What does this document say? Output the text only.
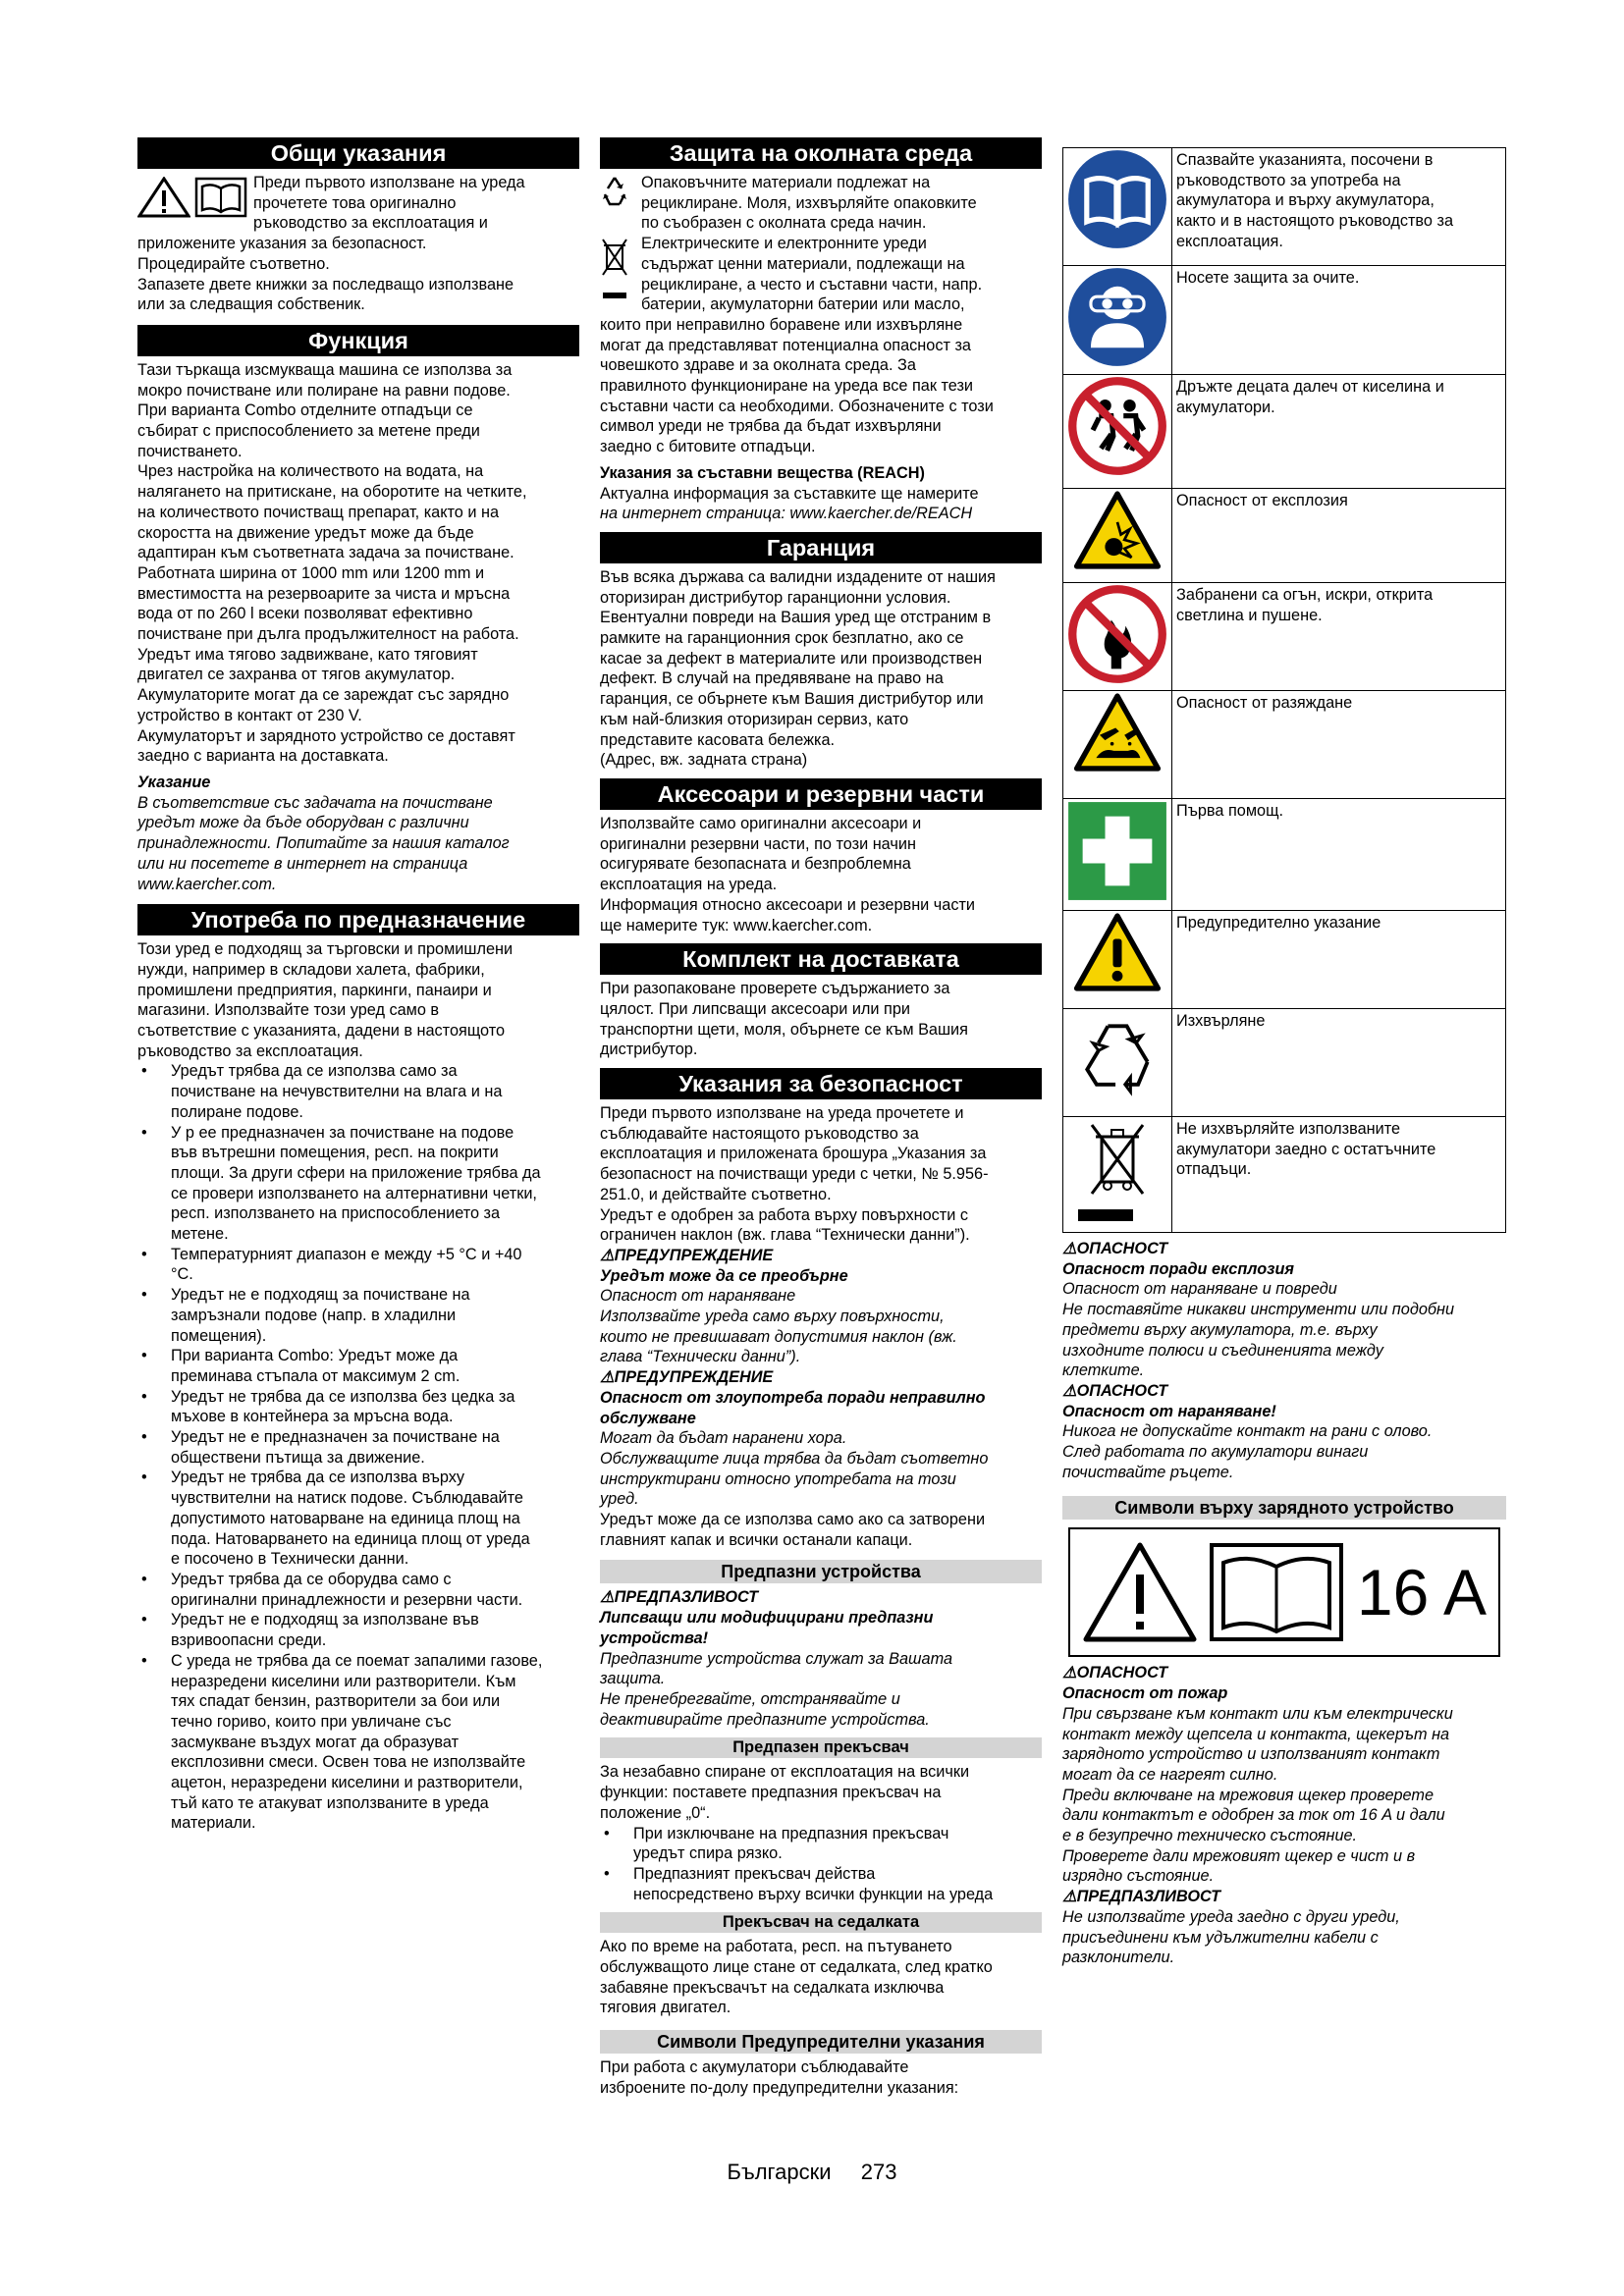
Общи указания

Преди първото използване на уреда

прочетете това оригинално

ръководство за експлоатация и

приложените указания за безопасност.

Процедирайте съответно.

Запазете двете книжки за последващо използване

или за следващия собственик.

Функция

Тази търкаща изсмукваща машина се използва за

мокро почистване или полиране на равни подове.

При варианта Combo отделните отпадъци се

събират с приспособлението за метене преди

почистването.

Чрез настройка на количеството на водата, на

налягането на притискане, на оборотите на четките,

на количеството почистващ препарат, както и на

скоростта на движение уредът може да бъде

адаптиран към съответната задача за почистване.

Работната ширина от 1000 mm или 1200 mm и

вместимостта на резервоарите за чиста и мръсна

вода от по 260 l всеки позволяват ефективно

почистване при дълга продължителност на работа.

Уредът има тягово задвижване, като тяговият

двигател се захранва от тягов акумулатор.

Акумулаторите могат да се зареждат със зарядно

устройство в контакт от 230 V.

Акумулаторът и зарядното устройство се доставят

заедно с варианта на доставката.

Указание

В съответствие със задачата на почистване

уредът може да бъде оборудван с различни

принадлежности. Попитайте за нашия каталог

или ни посетете в интернет на страница

www.kaercher.com.

Употреба по предназначение

Този уред е подходящ за търговски и промишлени

нужди, например в складови халета, фабрики,

промишлени предприятия, паркинги, панаири и

магазини. Използвайте този уред само в

съответствие с указанията, дадени в настоящото

ръководство за експлоатация.

• Уредът трябва да се използва само за
почистване на нечувствителни на влага и на
полиране подове.
• У р ее предназначен за почистване на подове
във вътрешни помещения, респ. на покрити
площи. За други сфери на приложение трябва да
се провери използването на алтернативни четки,
респ. използването на приспособлението за
метене.
• Температурният диапазон е между +5 °C и +40
°C.
• Уредът не е подходящ за почистване на
замръзнали подове (напр. в хладилни
помещения).
• При варианта Combo: Уредът може да
преминава стъпала от максимум 2 cm.
• Уредът не трябва да се използва без цедка за
мъхове в контейнера за мръсна вода.
• Уредът не е предназначен за почистване на
обществени пътища за движение.
• Уредът не трябва да се използва върху
чувствителни на натиск подове. Съблюдавайте
допустимото натоварване на единица площ на
пода. Натоварването на единица площ от уреда
е посочено в Технически данни.
• Уредът трябва да се оборудва само с
оригинални принадлежности и резервни части.
• Уредът не е подходящ за използване във
взривоопасни среди.
• С уреда не трябва да се поемат запалими газове,
неразредени киселини или разтворители. Към
тях спадат бензин, разтворители за бои или
течно гориво, които при увличане със
засмукване въздух могат да образуват
експлозивни смеси. Освен това не използвайте
ацетон, неразредени киселини и разтворители,
тъй като те атакуват използваните в уреда
материали.
Защита на околната среда

Опаковъчните материали подлежат на

рециклиране. Моля, изхвърляйте опаковките

по съобразен с околната среда начин.

Електрическите и електронните уреди

съдържат ценни материали, подлежащи на

рециклиране, а често и съставни части, напр.

батерии, акумулаторни батерии или масло,

които при неправилно боравене или изхвърляне

могат да представляват потенциална опасност за

човешкото здраве и за околната среда. За

правилното функциониране на уреда все пак тези

съставни части са необходими. Обозначените с този

символ уреди не трябва да бъдат изхвърляни

заедно с битовите отпадъци.

Указания за съставни вещества (REACH)

Актуална информация за съставките ще намерите

на интернет страница: www.kaercher.de/REACH

Гаранция

Във всяка държава са валидни издадените от нашия

оторизиран дистрибутор гаранционни условия.

Евентуални повреди на Вашия уред ще отстраним в

рамките на гаранционния срок безплатно, ако се

касае за дефект в материалите или производствен

дефект. В случай на предявяване на право на

гаранция, се обърнете към Вашия дистрибутор или

към най-близкия оторизиран сервиз, като

представите касовата бележка.

(Адрес, вж. задната страна)

Аксесоари и резервни части

Използвайте само оригинални аксесоари и

оригинални резервни части, по този начин

осигурявате безопасната и безпроблемна

експлоатация на уреда.

Информация относно аксесоари и резервни части

ще намерите тук: www.kaercher.com.

Комплект на доставката

При разопаковане проверете съдържанието за

цялост. При липсващи аксесоари или при

транспортни щети, моля, обърнете се към Вашия

дистрибутор.

Указания за безопасност

Преди първото използване на уреда прочетете и

съблюдавайте настоящото ръководство за

експлоатация и приложената брошура „Указания за

безопасност на почистващи уреди с четки, № 5.956-

251.0, и действайте съответно.

Уредът е одобрен за работа върху повърхности с

ограничен наклон (вж. глава “Технически данни”).

⚠ПРЕДУПРЕЖДЕНИЕ

Уредът може да се преобърне

Опасност от нараняване

Използвайте уреда само върху повърхности,

които не превишават допустимия наклон (вж.

глава “Технически данни”).

⚠ПРЕДУПРЕЖДЕНИЕ

Опасност от злоупотреба поради неправилно

обслужване

Могат да бъдат наранени хора.

Обслужващите лица трябва да бъдат съответно

инструктирани относно употребата на този

уред.

Уредът може да се използва само ако са затворени

главният капак и всички останали капаци.

Предпазни устройства

⚠ПРЕДПАЗЛИВОСТ

Липсващи или модифицирани предпазни

устройства!

Предпазните устройства служат за Вашата

защита.

Не пренебрегвайте, отстранявайте и

деактивирайте предпазните устройства.

Предпазен прекъсвач

За незабавно спиране от експлоатация на всички

функции: поставете предпазния прекъсвач на

положение „0“.

• При изключване на предпазния прекъсвач
уредът спира рязко.
• Предпазният прекъсвач действа
непосредствено върху всички функции на уреда
Прекъсвач на седалката

Ако по време на работата, респ. на пътуването

обслужващото лице стане от седалката, след кратко

забавяне прекъсвачът на седалката изключва

тяговия двигател.

Символи Предупредителни указания

При работа с акумулатори съблюдавайте

изброените по-долу предупредителни указания:

Спазвайте указанията, посочени в

ръководството за употреба на

акумулатора и върху акумулатора,

както и в настоящото ръководство за

експлоатация.

Носете защита за очите.

Дръжте децата далеч от киселина и

акумулатори.

Опасност от експлозия

Забранени са огън, искри, открита

светлина и пушене.

Опасност от разяждане

Първа помощ.

Предупредително указание

Изхвърляне

Не изхвърляйте използваните

акумулатори заедно с остатъчните

отпадъци.

⚠ОПАСНОСТ

Опасност поради експлозия

Опасност от нараняване и повреди

Не поставяйте никакви инструменти или подобни

предмети върху акумулатора, т.е. върху

изходните полюси и съединенията между

клетките.

⚠ОПАСНОСТ

Опасност от нараняване!

Никога не допускайте контакт на рани с олово.

След работата по акумулатори винаги

почиствайте ръцете.

Символи върху зарядното устройство
16 A

⚠ОПАСНОСТ

Опасност от пожар

При свързване към контакт или към електрически

контакт между щепсела и контакта, щекерът на

зарядното устройство и използваният контакт

могат да се нагреят силно.

Преди включване на мрежовия щекер проверете

дали контактът е одобрен за ток от 16 A и дали

е в безупречно техническо състояние.

Проверете дали мрежовият щекер е чист и в

изрядно състояние.

⚠ПРЕДПАЗЛИВОСТ

Не използвайте уреда заедно с други уреди,

присъединени към удължителни кабели с

разклонители.

Български 273
